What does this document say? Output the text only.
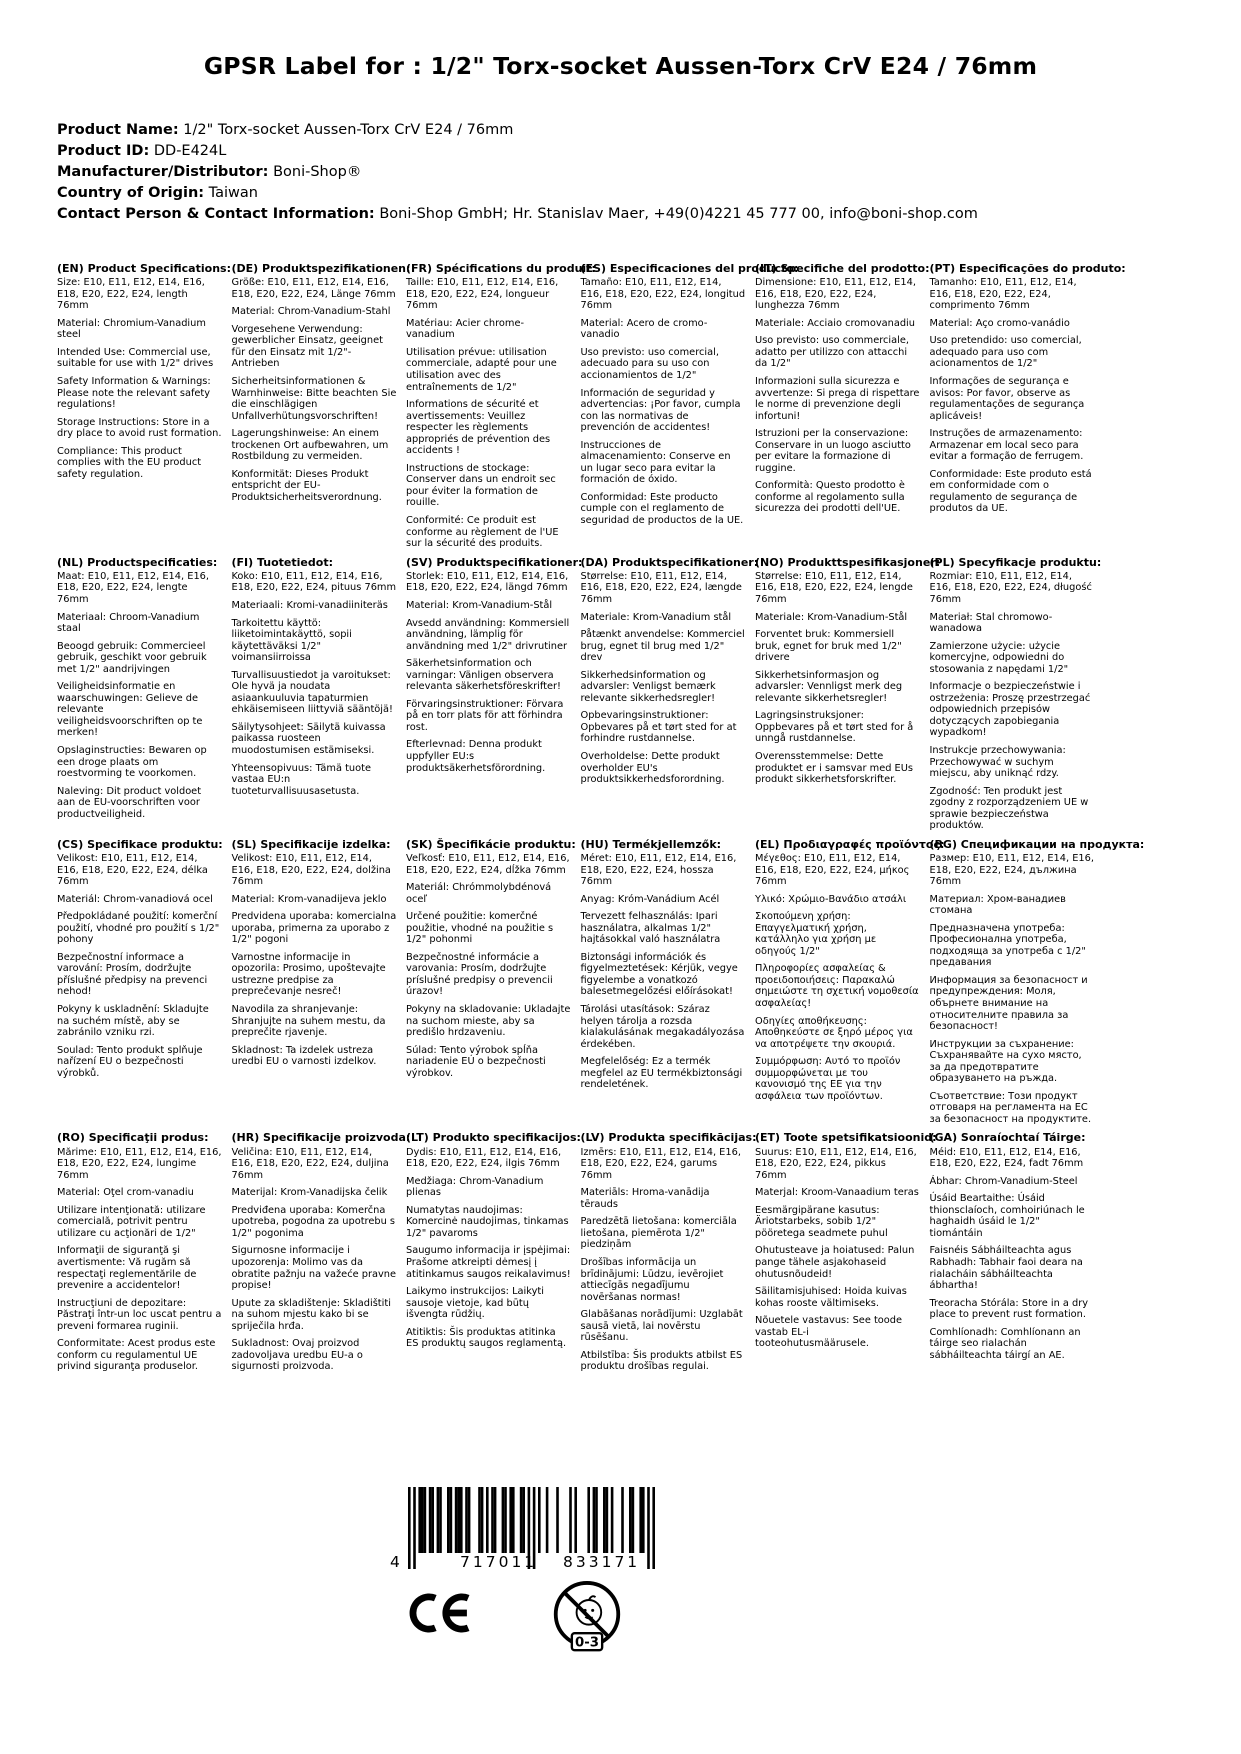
GPSR Label for : 1/2" Torx-socket Aussen-Torx CrV E24 / 76mm
Product Name: 1/2" Torx-socket Aussen-Torx CrV E24 / 76mm
Product ID: DD-E424L
Manufacturer/Distributor: Boni-Shop®
Country of Origin: Taiwan
Contact Person & Contact Information: Boni-Shop GmbH; Hr. Stanislav Maer, +49(0)4221 45 777 00, info@boni-shop.com
(EN) Product Specifications:

Size: E10, E11, E12, E14, E16, E18, E20, E22, E24, length 76mm

Material: Chromium-Vanadium steel

Intended Use: Commercial use, suitable for use with 1/2" drives

Safety Information & Warnings: Please note the relevant safety regulations!

Storage Instructions: Store in a dry place to avoid rust formation.

Compliance: This product complies with the EU product safety regulation.

(DE) Produktspezifikationen:

Größe: E10, E11, E12, E14, E16, E18, E20, E22, E24, Länge 76mm

Material: Chrom-Vanadium-Stahl

Vorgesehene Verwendung: gewerblicher Einsatz, geeignet für den Einsatz mit 1/2"-Antrieben

Sicherheitsinformationen & Warnhinweise: Bitte beachten Sie die einschlägigen Unfallverhütungsvorschriften!

Lagerungshinweise: An einem trockenen Ort aufbewahren, um Rostbildung zu vermeiden.

Konformität: Dieses Produkt entspricht der EU-Produktsicherheitsverordnung.

(FR) Spécifications du produit:

Taille: E10, E11, E12, E14, E16, E18, E20, E22, E24, longueur 76mm

Matériau: Acier chrome-vanadium

Utilisation prévue: utilisation commerciale, adapté pour une utilisation avec des entraînements de 1/2"

Informations de sécurité et avertissements: Veuillez respecter les règlements appropriés de prévention des accidents !

Instructions de stockage: Conserver dans un endroit sec pour éviter la formation de rouille.

Conformité: Ce produit est conforme au règlement de l'UE sur la sécurité des produits.

(ES) Especificaciones del producto:

Tamaño: E10, E11, E12, E14, E16, E18, E20, E22, E24, longitud 76mm

Material: Acero de cromo-vanadio

Uso previsto: uso comercial, adecuado para su uso con accionamientos de 1/2"

Información de seguridad y advertencias: ¡Por favor, cumpla con las normativas de prevención de accidentes!

Instrucciones de almacenamiento: Conserve en un lugar seco para evitar la formación de óxido.

Conformidad: Este producto cumple con el reglamento de seguridad de productos de la UE.

(IT) Specifiche del prodotto:

Dimensione: E10, E11, E12, E14, E16, E18, E20, E22, E24, lunghezza 76mm

Materiale: Acciaio cromovanadiu

Uso previsto: uso commerciale, adatto per utilizzo con attacchi da 1/2"

Informazioni sulla sicurezza e avvertenze: Si prega di rispettare le norme di prevenzione degli infortuni!

Istruzioni per la conservazione: Conservare in un luogo asciutto per evitare la formazione di ruggine.

Conformità: Questo prodotto è conforme al regolamento sulla sicurezza dei prodotti dell'UE.

(PT) Especificações do produto:

Tamanho: E10, E11, E12, E14, E16, E18, E20, E22, E24, comprimento 76mm

Material: Aço cromo-vanádio

Uso pretendido: uso comercial, adequado para uso com acionamentos de 1/2"

Informações de segurança e avisos: Por favor, observe as regulamentações de segurança aplicáveis!

Instruções de armazenamento: Armazenar em local seco para evitar a formação de ferrugem.

Conformidade: Este produto está em conformidade com o regulamento de segurança de produtos da UE.

(NL) Productspecificaties:

Maat: E10, E11, E12, E14, E16, E18, E20, E22, E24, lengte 76mm

Materiaal: Chroom-Vanadium staal

Beoogd gebruik: Commercieel gebruik, geschikt voor gebruik met 1/2" aandrijvingen

Veiligheidsinformatie en waarschuwingen: Gelieve de relevante veiligheidsvoorschriften op te merken!

Opslaginstructies: Bewaren op een droge plaats om roestvorming te voorkomen.

Naleving: Dit product voldoet aan de EU-voorschriften voor productveiligheid.

(FI) Tuotetiedot:

Koko: E10, E11, E12, E14, E16, E18, E20, E22, E24, pituus 76mm

Materiaali: Kromi-vanadiiniteräs

Tarkoitettu käyttö: liiketoimintakäyttö, sopii käytettäväksi 1/2" voimansiirroissa

Turvallisuustiedot ja varoitukset: Ole hyvä ja noudata asiaankuuluvia tapaturmien ehkäisemiseen liittyviä sääntöjä!

Säilytysohjeet: Säilytä kuivassa paikassa ruosteen muodostumisen estämiseksi.

Yhteensopivuus: Tämä tuote vastaa EU:n tuoteturvallisuusasetusta.

(SV) Produktspecifikationer:

Storlek: E10, E11, E12, E14, E16, E18, E20, E22, E24, längd 76mm

Material: Krom-Vanadium-Stål

Avsedd användning: Kommersiell användning, lämplig för användning med 1/2" drivrutiner

Säkerhetsinformation och varningar: Vänligen observera relevanta säkerhetsföreskrifter!

Förvaringsinstruktioner: Förvara på en torr plats för att förhindra rost.

Efterlevnad: Denna produkt uppfyller EU:s produktsäkerhetsförordning.

(DA) Produktspecifikationer:

Størrelse: E10, E11, E12, E14, E16, E18, E20, E22, E24, længde 76mm

Materiale: Krom-Vanadium stål

Påtænkt anvendelse: Kommerciel brug, egnet til brug med 1/2" drev

Sikkerhedsinformation og advarsler: Venligst bemærk relevante sikkerhedsregler!

Opbevaringsinstruktioner: Opbevares på et tørt sted for at forhindre rustdannelse.

Overholdelse: Dette produkt overholder EU's produktsikkerhedsforordning.

(NO) Produkttspesifikasjoner:

Størrelse: E10, E11, E12, E14, E16, E18, E20, E22, E24, lengde 76mm

Materiale: Krom-Vanadium-Stål

Forventet bruk: Kommersiell bruk, egnet for bruk med 1/2" drivere

Sikkerhetsinformasjon og advarsler: Vennligst merk deg relevante sikkerhetsregler!

Lagringsinstruksjoner: Oppbevares på et tørt sted for å unngå rustdannelse.

Overensstemmelse: Dette produktet er i samsvar med EUs produkt sikkerhetsforskrifter.

(PL) Specyfikacje produktu:

Rozmiar: E10, E11, E12, E14, E16, E18, E20, E22, E24, długość 76mm

Materiał: Stal chromowo-wanadowa

Zamierzone użycie: użycie komercyjne, odpowiedni do stosowania z napędami 1/2"

Informacje o bezpieczeństwie i ostrzeżenia: Proszę przestrzegać odpowiednich przepisów dotyczących zapobiegania wypadkom!

Instrukcje przechowywania: Przechowywać w suchym miejscu, aby uniknąć rdzy.

Zgodność: Ten produkt jest zgodny z rozporządzeniem UE w sprawie bezpieczeństwa produktów.

(CS) Specifikace produktu:

Velikost: E10, E11, E12, E14, E16, E18, E20, E22, E24, délka 76mm

Materiál: Chrom-vanadiová ocel

Předpokládané použití: komerční použití, vhodné pro použití s 1/2" pohony

Bezpečnostní informace a varování: Prosím, dodržujte příslušné předpisy na prevenci nehod!

Pokyny k uskladnění: Skladujte na suchém místě, aby se zabránilo vzniku rzi.

Soulad: Tento produkt splňuje nařízení EU o bezpečnosti výrobků.

(SL) Specifikacije izdelka:

Velikost: E10, E11, E12, E14, E16, E18, E20, E22, E24, dolžina 76mm

Material: Krom-vanadijeva jeklo

Predvidena uporaba: komercialna uporaba, primerna za uporabo z 1/2" pogoni

Varnostne informacije in opozorila: Prosimo, upoštevajte ustrezne predpise za preprečevanje nesreč!

Navodila za shranjevanje: Shranjujte na suhem mestu, da preprečite rjavenje.

Skladnost: Ta izdelek ustreza uredbi EU o varnosti izdelkov.

(SK) Špecifikácie produktu:

Veľkosť: E10, E11, E12, E14, E16, E18, E20, E22, E24, dĺžka 76mm

Materiál: Chrómmolybdénová oceľ

Určené použitie: komerčné použitie, vhodné na použitie s 1/2" pohonmi

Bezpečnostné informácie a varovania: Prosím, dodržujte príslušné predpisy o prevencii úrazov!

Pokyny na skladovanie: Ukladajte na suchom mieste, aby sa predišlo hrdzaveniu.

Súlad: Tento výrobok spĺňa nariadenie EÚ o bezpečnosti výrobkov.

(HU) Termékjellemzők:

Méret: E10, E11, E12, E14, E16, E18, E20, E22, E24, hossza 76mm

Anyag: Króm-Vanádium Acél

Tervezett felhasználás: Ipari használatra, alkalmas 1/2" hajtásokkal való használatra

Biztonsági információk és figyelmeztetések: Kérjük, vegye figyelembe a vonatkozó balesetmegelőzési előírásokat!

Tárolási utasítások: Száraz helyen tárolja a rozsda kialakulásának megakadályozása érdekében.

Megfelelőség: Ez a termék megfelel az EU termékbiztonsági rendeletének.

(EL) Προδιαγραφές προϊόντος:

Μέγεθος: E10, E11, E12, E14, E16, E18, E20, E22, E24, μήκος 76mm

Υλικό: Χρώμιο-Βανάδιο ατσάλι

Σκοπούμενη χρήση: Επαγγελματική χρήση, κατάλληλο για χρήση με οδηγούς 1/2"

Πληροφορίες ασφαλείας & προειδοποιήσεις: Παρακαλώ σημειώστε τη σχετική νομοθεσία ασφαλείας!

Οδηγίες αποθήκευσης: Αποθηκεύστε σε ξηρό μέρος για να αποτρέψετε την σκουριά.

Συμμόρφωση: Αυτό το προϊόν συμμορφώνεται με του κανονισμό της ΕΕ για την ασφάλεια των προϊόντων.

(BG) Спецификации на продукта:

Размер: E10, E11, E12, E14, E16, E18, E20, E22, E24, дължина 76mm

Материал: Хром-ванадиев стомана

Предназначена употреба: Професионална употреба, подходяща за употреба с 1/2" предавания

Информация за безопасност и предупреждения: Моля, обърнете внимание на относителните правила за безопасност!

Инструкции за съхранение: Съхранявайте на сухо място, за да предотвратите образуването на ръжда.

Съответствие: Този продукт отговаря на регламента на ЕС за безопасност на продуктите.

(RO) Specificaţii produs:

Mărime: E10, E11, E12, E14, E16, E18, E20, E22, E24, lungime 76mm

Material: Oţel crom-vanadiu

Utilizare intenţionată: utilizare comercială, potrivit pentru utilizare cu acţionări de 1/2"

Informaţii de siguranţă şi avertismente: Vă rugăm să respectaţi reglementările de prevenire a accidentelor!

Instrucţiuni de depozitare: Păstraţi într-un loc uscat pentru a preveni formarea ruginii.

Conformitate: Acest produs este conform cu regulamentul UE privind siguranţa produselor.

(HR) Specifikacije proizvoda:

Veličina: E10, E11, E12, E14, E16, E18, E20, E22, E24, duljina 76mm

Materijal: Krom-Vanadijska čelik

Predviđena uporaba: Komerčna upotreba, pogodna za upotrebu s 1/2" pogonima

Sigurnosne informacije i upozorenja: Molimo vas da obratite pažnju na važeće pravne propise!

Upute za skladištenje: Skladištiti na suhom mjestu kako bi se spriječila hrđa.

Sukladnost: Ovaj proizvod zadovoljava uredbu EU-a o sigurnosti proizvoda.

(LT) Produkto specifikacijos:

Dydis: E10, E11, E12, E14, E16, E18, E20, E22, E24, ilgis 76mm

Medžiaga: Chrom-Vanadium plienas

Numatytas naudojimas: Komercinė naudojimas, tinkamas 1/2" pavaroms

Saugumo informacija ir įspėjimai: Prašome atkreipti dėmesį į atitinkamus saugos reikalavimus!

Laikymo instrukcijos: Laikyti sausoje vietoje, kad būtų išvengta rūdžių.

Atitiktis: Šis produktas atitinka ES produktų saugos reglamentą.

(LV) Produkta specifikācijas:

Izmērs: E10, E11, E12, E14, E16, E18, E20, E22, E24, garums 76mm

Materiāls: Hroma-vanādija tērauds

Paredzētā lietošana: komerciāla lietošana, piemērota 1/2" piedziņām

Drošības informācija un brīdinājumi: Lūdzu, ievērojiet attiecīgās negadījumu novēršanas normas!

Glabāšanas norādījumi: Uzglabāt sausā vietā, lai novērstu rūsēšanu.

Atbilstība: Šis produkts atbilst ES produktu drošības regulai.

(ET) Toote spetsifikatsioonid:

Suurus: E10, E11, E12, E14, E16, E18, E20, E22, E24, pikkus 76mm

Materjal: Kroom-Vanaadium teras

Eesmärgipärane kasutus: Äriotstarbeks, sobib 1/2" pööretega seadmete puhul

Ohutusteave ja hoiatused: Palun pange tähele asjakohaseid ohutusnõudeid!

Säilitamisjuhised: Hoida kuivas kohas rooste vältimiseks.

Nõuetele vastavus: See toode vastab EL-i tooteohutusmäärusele.

(GA) Sonraíochtaí Táirge:

Méid: E10, E11, E12, E14, E16, E18, E20, E22, E24, fadt 76mm

Ábhar: Chrom-Vanadium-Steel

Úsáid Beartaithe: Úsáid thionsclaíoch, comhoiriúnach le haghaidh úsáid le 1/2" tiomántáin

Faisnéis Sábháilteachta agus Rabhadh: Tabhair faoi deara na rialacháin sábháilteachta ábhartha!

Treoracha Stórála: Store in a dry place to prevent rust formation.

Comhlíonadh: Comhlíonann an táirge seo rialachán sábháilteachta táirgí an AE.

4	717011 833171
0-3
